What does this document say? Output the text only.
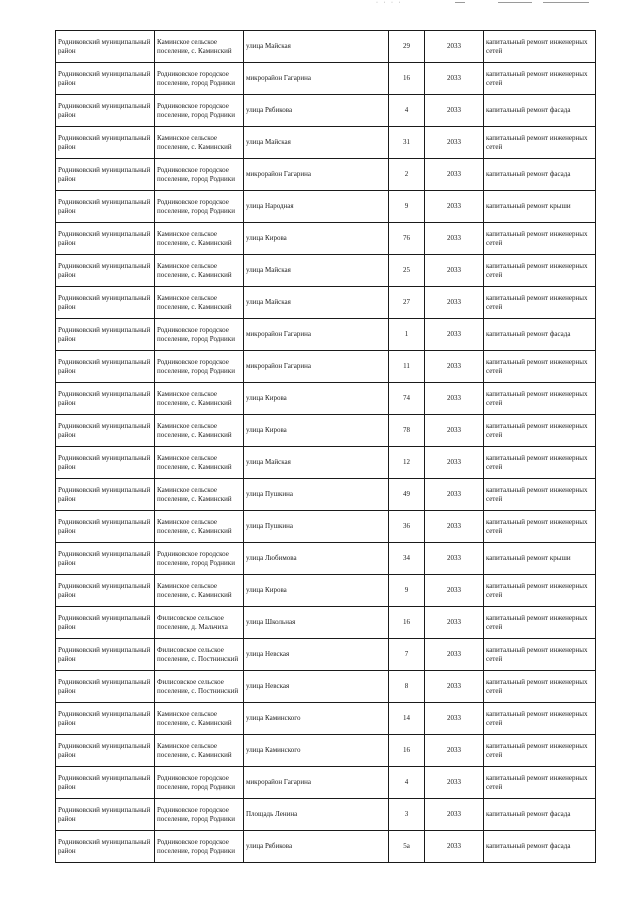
· · · ·
Родниковский муниципальный район	Каминское сельское поселение, с. Каминский	улица Майская	29	2033	капитальный ремонт инженерных сетей
Родниковский муниципальный район	Родниковское городское поселение, город Родники	микрорайон Гагарина	16	2033	капитальный ремонт инженерных сетей
Родниковский муниципальный район	Родниковское городское поселение, город Родники	улица Рябикова	4	2033	капитальный ремонт фасада
Родниковский муниципальный район	Каминское сельское поселение, с. Каминский	улица Майская	31	2033	капитальный ремонт инженерных сетей
Родниковский муниципальный район	Родниковское городское поселение, город Родники	микрорайон Гагарина	2	2033	капитальный ремонт фасада
Родниковский муниципальный район	Родниковское городское поселение, город Родники	улица Народная	9	2033	капитальный ремонт крыши
Родниковский муниципальный район	Каминское сельское поселение, с. Каминский	улица Кирова	76	2033	капитальный ремонт инженерных сетей
Родниковский муниципальный район	Каминское сельское поселение, с. Каминский	улица Майская	25	2033	капитальный ремонт инженерных сетей
Родниковский муниципальный район	Каминское сельское поселение, с. Каминский	улица Майская	27	2033	капитальный ремонт инженерных сетей
Родниковский муниципальный район	Родниковское городское поселение, город Родники	микрорайон Гагарина	1	2033	капитальный ремонт фасада
Родниковский муниципальный район	Родниковское городское поселение, город Родники	микрорайон Гагарина	11	2033	капитальный ремонт инженерных сетей
Родниковский муниципальный район	Каминское сельское поселение, с. Каминский	улица Кирова	74	2033	капитальный ремонт инженерных сетей
Родниковский муниципальный район	Каминское сельское поселение, с. Каминский	улица Кирова	78	2033	капитальный ремонт инженерных сетей
Родниковский муниципальный район	Каминское сельское поселение, с. Каминский	улица Майская	12	2033	капитальный ремонт инженерных сетей
Родниковский муниципальный район	Каминское сельское поселение, с. Каминский	улица Пушкина	49	2033	капитальный ремонт инженерных сетей
Родниковский муниципальный район	Каминское сельское поселение, с. Каминский	улица Пушкина	36	2033	капитальный ремонт инженерных сетей
Родниковский муниципальный район	Родниковское городское поселение, город Родники	улица Любимова	34	2033	капитальный ремонт крыши
Родниковский муниципальный район	Каминское сельское поселение, с. Каминский	улица Кирова	9	2033	капитальный ремонт инженерных сетей
Родниковский муниципальный район	Филисовское сельское поселение, д. Мальчиха	улица Школьная	16	2033	капитальный ремонт инженерных сетей
Родниковский муниципальный район	Филисовское сельское поселение, с. Постнинский	улица Невская	7	2033	капитальный ремонт инженерных сетей
Родниковский муниципальный район	Филисовское сельское поселение, с. Постнинский	улица Невская	8	2033	капитальный ремонт инженерных сетей
Родниковский муниципальный район	Каминское сельское поселение, с. Каминский	улица Каминского	14	2033	капитальный ремонт инженерных сетей
Родниковский муниципальный район	Каминское сельское поселение, с. Каминский	улица Каминского	16	2033	капитальный ремонт инженерных сетей
Родниковский муниципальный район	Родниковское городское поселение, город Родники	микрорайон Гагарина	4	2033	капитальный ремонт инженерных сетей
Родниковский муниципальный район	Родниковское городское поселение, город Родники	Площадь Ленина	3	2033	капитальный ремонт фасада
Родниковский муниципальный район	Родниковское городское поселение, город Родники	улица Рябикова	5а	2033	капитальный ремонт фасада
